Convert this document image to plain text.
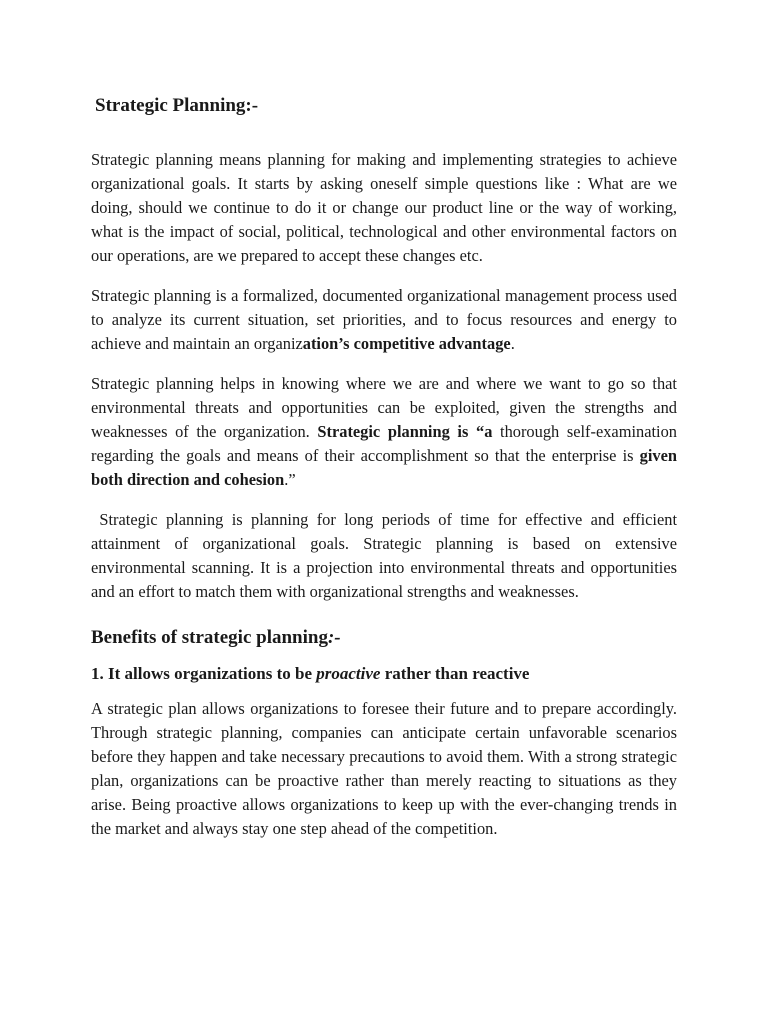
Strategic Planning:-

Strategic planning means planning for making and implementing strategies to achieve organizational goals. It starts by asking oneself simple questions like : What are we doing, should we continue to do it or change our product line or the way of working, what is the impact of social, political, technological and other environmental factors on our operations, are we prepared to accept these changes etc.

Strategic planning is a formalized, documented organizational management process used to analyze its current situation, set priorities, and to focus resources and energy to achieve and maintain an organization’s competitive advantage.

Strategic planning helps in knowing where we are and where we want to go so that environmental threats and opportunities can be exploited, given the strengths and weaknesses of the organization. Strategic planning is “a thorough self-examination regarding the goals and means of their accomplishment so that the enterprise is given both direction and cohesion.”

Strategic planning is planning for long periods of time for effective and efficient attainment of organizational goals. Strategic planning is based on extensive environmental scanning. It is a projection into environmental threats and opportunities and an effort to match them with organizational strengths and weaknesses.

Benefits of strategic planning:-
1. It allows organizations to be proactive rather than reactive

A strategic plan allows organizations to foresee their future and to prepare accordingly. Through strategic planning, companies can anticipate certain unfavorable scenarios before they happen and take necessary precautions to avoid them. With a strong strategic plan, organizations can be proactive rather than merely reacting to situations as they arise. Being proactive allows organizations to keep up with the ever-changing trends in the market and always stay one step ahead of the competition.
